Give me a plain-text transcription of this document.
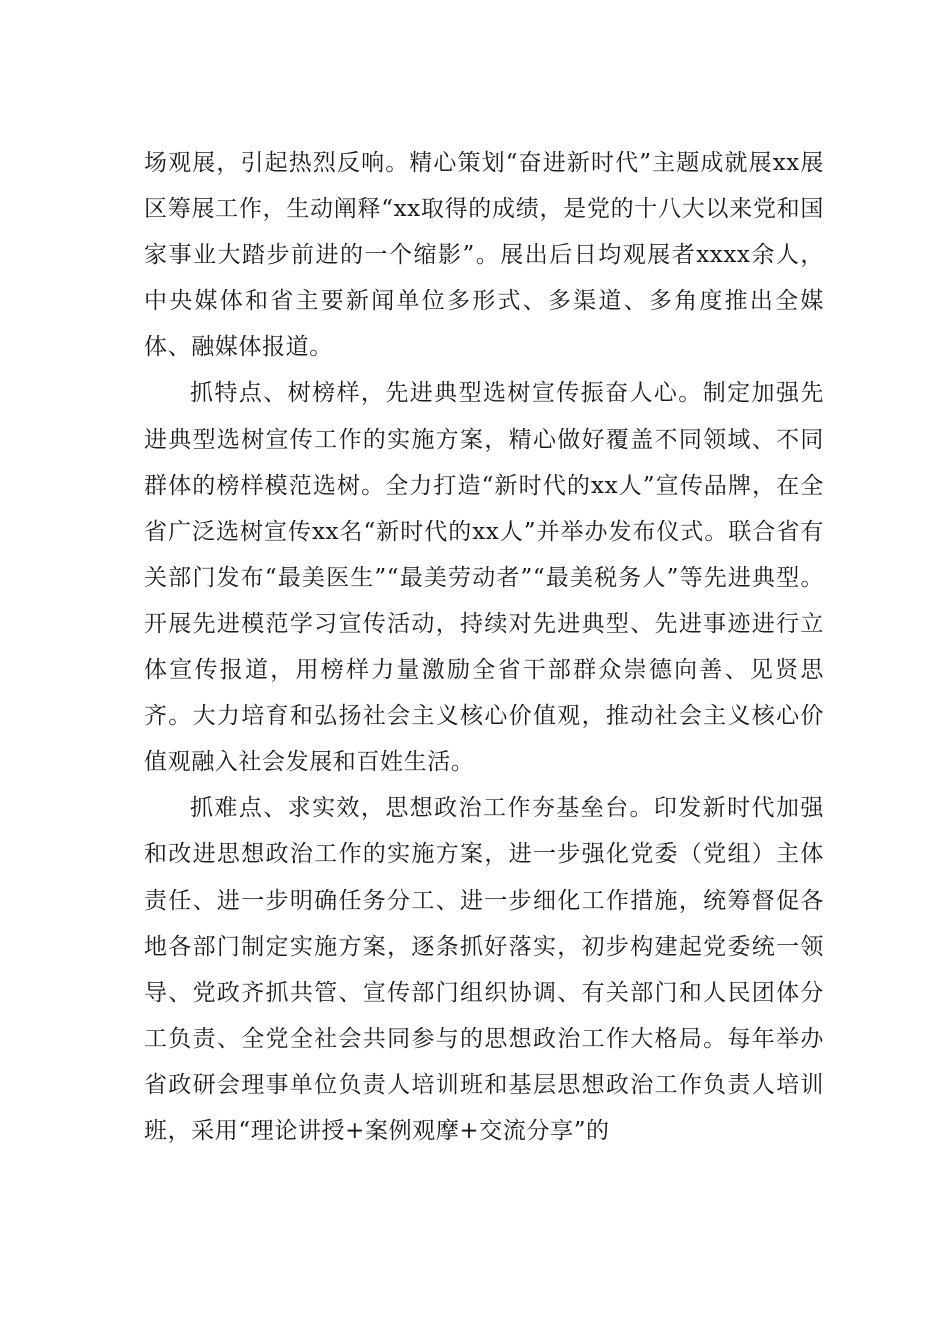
场观展，引起热烈反响。精心策划“奋进新时代”主题成就展xx展区筹展工作，生动阐释“xx取得的成绩，是党的十八大以来党和国家事业大踏步前进的一个缩影”。展出后日均观展者xxxx余人，中央媒体和省主要新闻单位多形式、多渠道、多角度推出全媒体、融媒体报道。

抓特点、树榜样，先进典型选树宣传振奋人心。制定加强先进典型选树宣传工作的实施方案，精心做好覆盖不同领域、不同群体的榜样模范选树。全力打造“新时代的xx人”宣传品牌，在全省广泛选树宣传xx名“新时代的xx人”并举办发布仪式。联合省有关部门发布“最美医生”“最美劳动者”“最美税务人”等先进典型。开展先进模范学习宣传活动，持续对先进典型、先进事迹进行立体宣传报道，用榜样力量激励全省干部群众崇德向善、见贤思齐。大力培育和弘扬社会主义核心价值观，推动社会主义核心价值观融入社会发展和百姓生活。

抓难点、求实效，思想政治工作夯基垒台。印发新时代加强和改进思想政治工作的实施方案，进一步强化党委（党组）主体责任、进一步明确任务分工、进一步细化工作措施，统筹督促各地各部门制定实施方案，逐条抓好落实，初步构建起党委统一领导、党政齐抓共管、宣传部门组织协调、有关部门和人民团体分工负责、全党全社会共同参与的思想政治工作大格局。每年举办省政研会理事单位负责人培训班和基层思想政治工作负责人培训班，采用“理论讲授+案例观摩+交流分享”的
